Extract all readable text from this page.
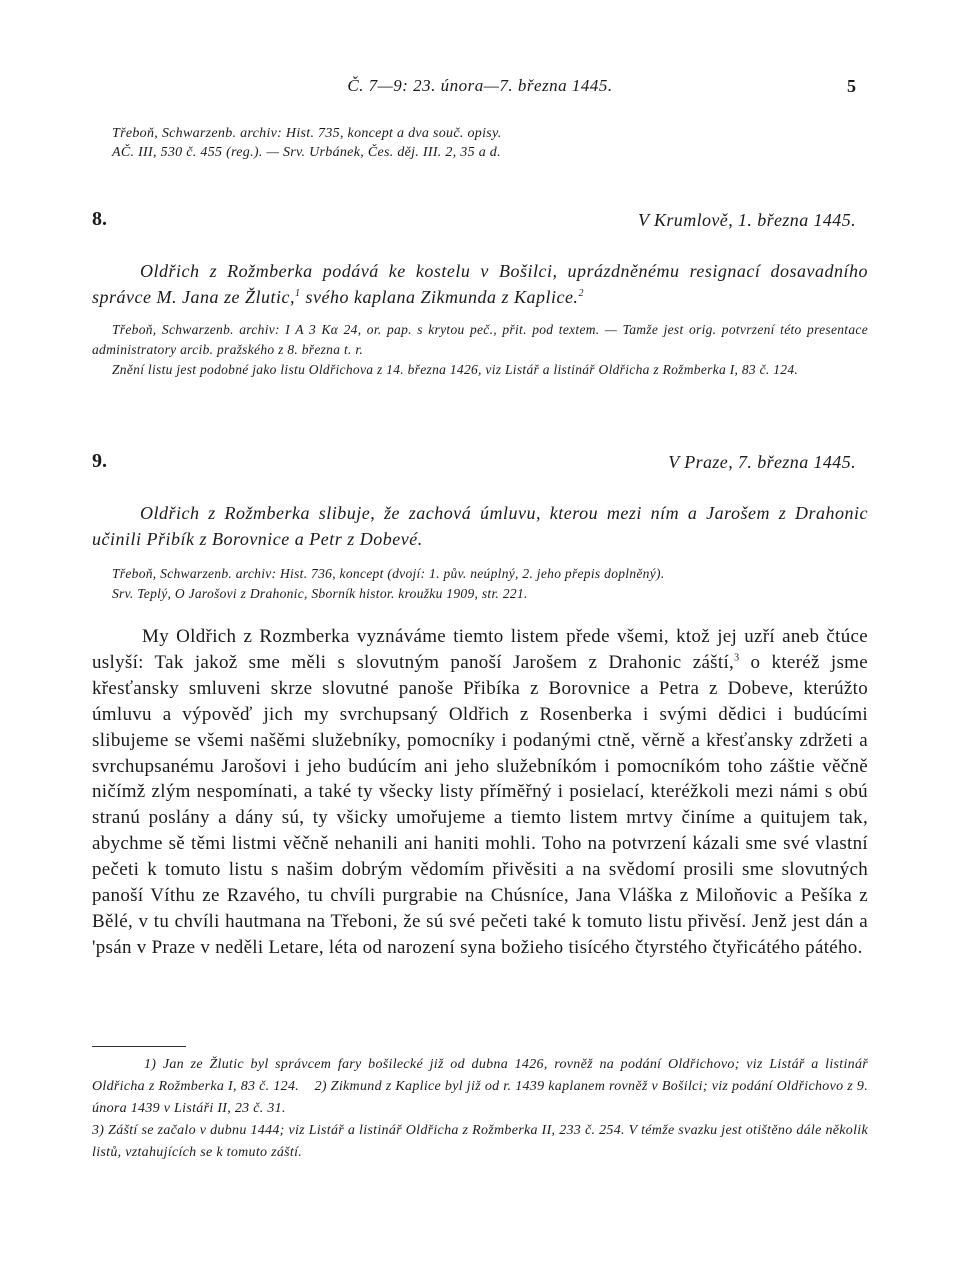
Č. 7—9: 23. února—7. března 1445.	5
Třeboň, Schwarzenb. archiv: Hist. 735, koncept a dva souč. opisy.
AČ. III, 530 č. 455 (reg.). — Srv. Urbánek, Čes. děj. III. 2, 35 a d.
8.	V Krumlově, 1. března 1445.
Oldřich z Rožmberka podává ke kostelu v Bošilci, uprázdněnému resignací dosavadního správce M. Jana ze Žlutic,$^1$ svého kaplana Zikmunda z Kaplice.$^2$

Třeboň, Schwarzenb. archiv: I A 3 Kα 24, or. pap. s krytou peč., přit. pod textem. — Tamže jest orig. potvrzení této presentace administratory arcib. pražského z 8. března t. r.

Znění listu jest podobné jako listu Oldřichova z 14. března 1426, viz Listář a listinář Oldřicha z Rožmberka I, 83 č. 124.

9.	V Praze, 7. března 1445.
Oldřich z Rožmberka slibuje, že zachová úmluvu, kterou mezi ním a Jarošem z Drahonic učinili Přibík z Borovnice a Petr z Dobevé.

Třeboň, Schwarzenb. archiv: Hist. 736, koncept (dvojí: 1. pův. neúplný, 2. jeho přepis doplněný).

Srv. Teplý, O Jarošovi z Drahonic, Sborník histor. kroužku 1909, str. 221.

My Oldřich z Rozmberka vyznáváme tiemto listem přede všemi, ktož jej uzří aneb čtúce uslyší: Tak jakož sme měli s slovutným panoší Jarošem z Drahonic záští,$^3$ o kteréž jsme křesťansky smluveni skrze slovutné panoše Přibíka z Borovnice a Petra z Dobeve, kterúžto úmluvu a výpověď jich my svrchupsaný Oldřich z Rosenberka i svými dědici i budúcími slibujeme se všemi našěmi služebníky, pomocníky i podanými ctně, věrně a křesťansky zdržeti a svrchupsanému Jarošovi i jeho budúcím ani jeho služebníkóm i pomocníkóm toho záštie věčně ničímž zlým nespomínati, a také ty všecky listy přímĕřný i posielací, kteréžkoli mezi námi s obú stranú poslány a dány sú, ty všicky umořujeme a tiemto listem mrtvy činíme a quitujem tak, abychme sě těmi listmi věčně nehanili ani haniti mohli. Toho na potvrzení kázali sme své vlastní pečeti k tomuto listu s našim dobrým vědomím přivěsiti a na svědomí prosili sme slovutných panoší Víthu ze Rzavého, tu chvíli purgrabie na Chúsníce, Jana Vláška z Miloňovic a Pešíka z Bělé, v tu chvíli hautmana na Třeboni, že sú své pečeti také k tomuto listu přivěsí. Jenž jest dán a 'psán v Praze v neděli Letare, léta od narození syna božieho tisícého čtyrstého čtyřicátého pátého.

1) Jan ze Žlutic byl správcem fary bošilecké již od dubna 1426, rovněž na podání Oldřichovo; viz Listář a listinář Oldřicha z Rožmberka I, 83 č. 124. 2) Zikmund z Kaplice byl již od r. 1439 kaplanem rovněž v Bošilci; viz podání Oldřichovo z 9. února 1439 v Listáři II, 23 č. 31.

3) Záští se začalo v dubnu 1444; viz Listář a listinář Oldřicha z Rožmberka II, 233 č. 254. V témže svazku jest otištěno dále několik listů, vztahujících se k tomuto záští.
